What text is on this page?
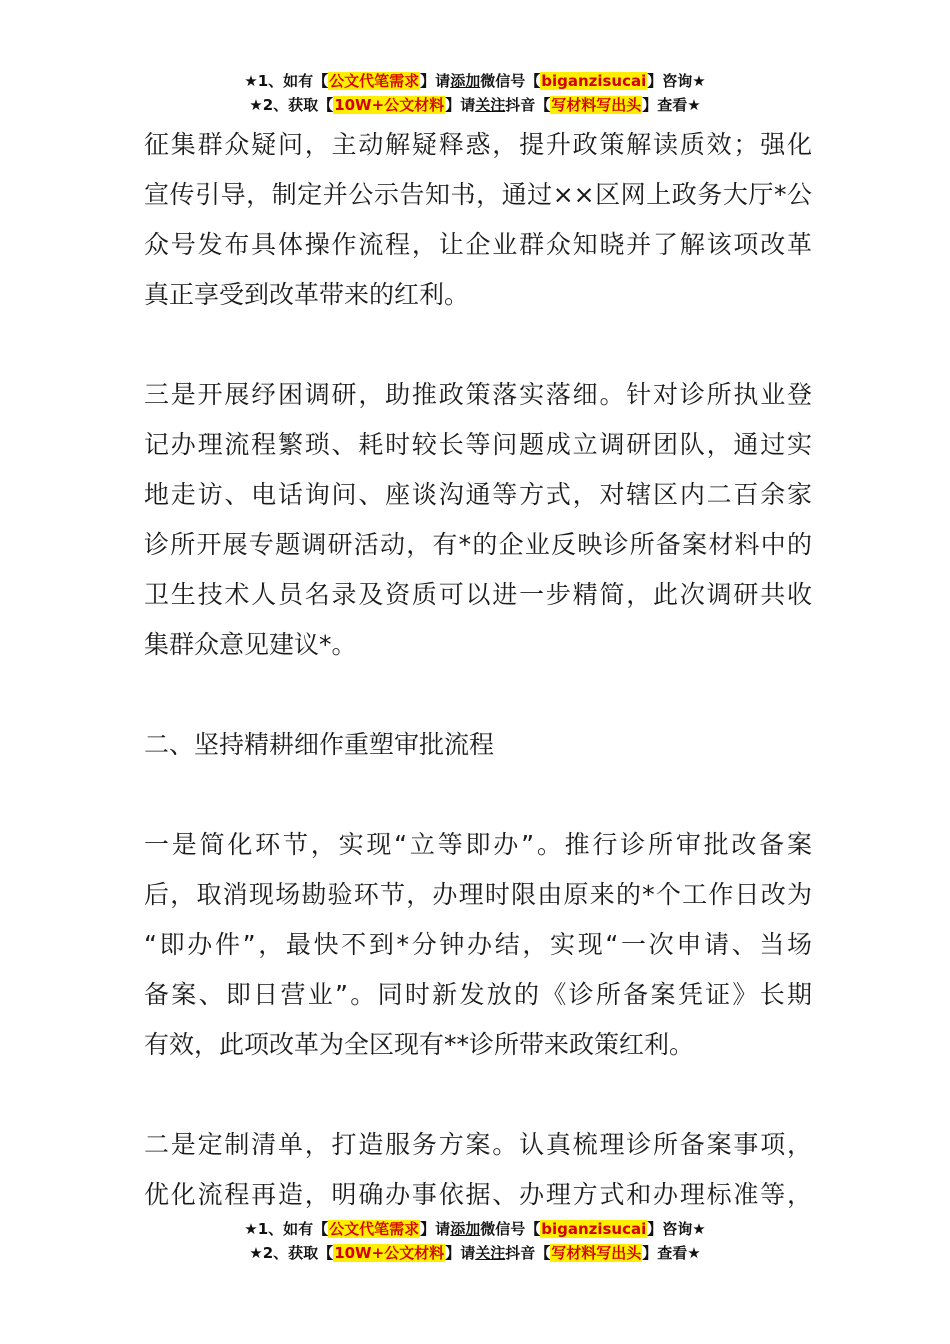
★1、如有【公文代笔需求】请添加微信号【biganzisucai】咨询★
★2、获取【10W+公文材料】请关注抖音【写材料写出头】查看★
征集群众疑问，主动解疑释惑，提升政策解读质效；强化
宣传引导，制定并公示告知书，通过××区网上政务大厅*公
众号发布具体操作流程，让企业群众知晓并了解该项改革
真正享受到改革带来的红利。
三是开展纾困调研，助推政策落实落细。针对诊所执业登
记办理流程繁琐、耗时较长等问题成立调研团队，通过实
地走访、电话询问、座谈沟通等方式，对辖区内二百余家
诊所开展专题调研活动，有*的企业反映诊所备案材料中的
卫生技术人员名录及资质可以进一步精简，此次调研共收
集群众意见建议*。
二、坚持精耕细作重塑审批流程
一是简化环节，实现“立等即办”。推行诊所审批改备案
后，取消现场勘验环节，办理时限由原来的*个工作日改为
“即办件”，最快不到*分钟办结，实现“一次申请、当场
备案、即日营业”。同时新发放的《诊所备案凭证》长期
有效，此项改革为全区现有**诊所带来政策红利。
二是定制清单，打造服务方案。认真梳理诊所备案事项，
优化流程再造，明确办事依据、办理方式和办理标准等，
★1、如有【公文代笔需求】请添加微信号【biganzisucai】咨询★
★2、获取【10W+公文材料】请关注抖音【写材料写出头】查看★
